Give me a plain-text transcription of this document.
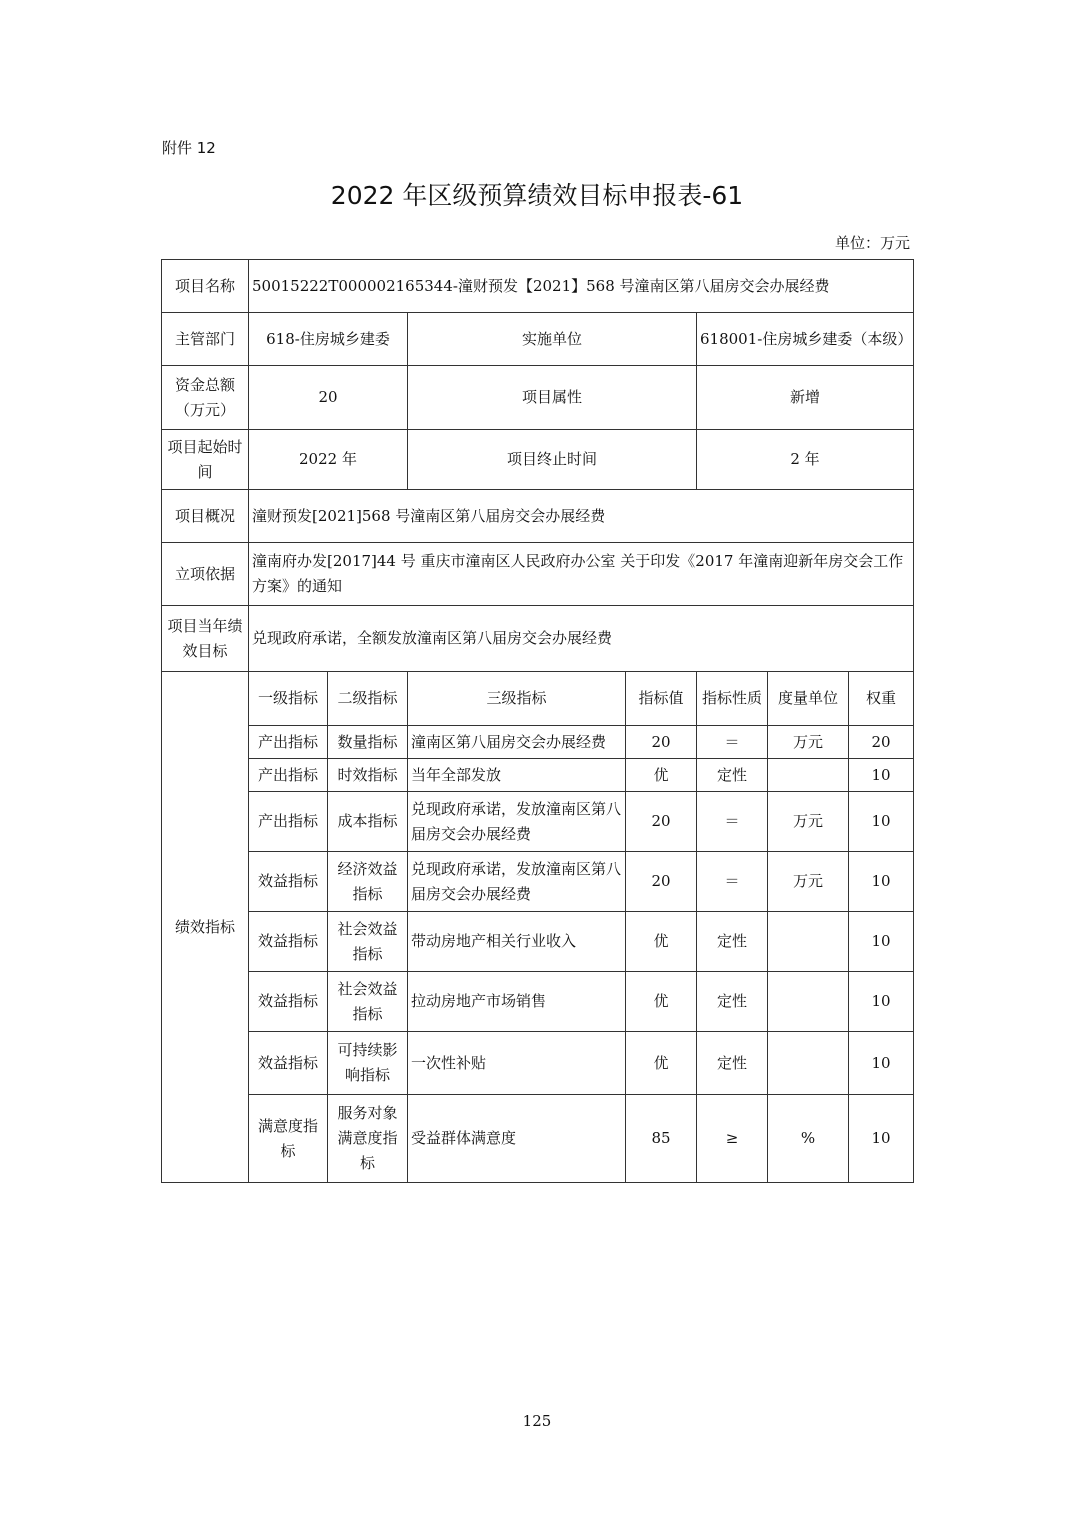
附件 12
2022 年区级预算绩效目标申报表-61
单位：万元
项目名称	50015222T000002165344-潼财预发【2021】568 号潼南区第八届房交会办展经费						
主管部门	618-住房城乡建委		实施单位		618001-住房城乡建委（本级）		
资金总额（万元）	20		项目属性		新增		
项目起始时间	2022 年		项目终止时间		2 年		
项目概况	潼财预发[2021]568 号潼南区第八届房交会办展经费						
立项依据	潼南府办发[2017]44 号 重庆市潼南区人民政府办公室 关于印发《2017 年潼南迎新年房交会工作方案》的通知						
项目当年绩效目标	兑现政府承诺，全额发放潼南区第八届房交会办展经费						
绩效指标	一级指标	二级指标	三级指标	指标值	指标性质	度量单位	权重
	产出指标	数量指标	潼南区第八届房交会办展经费	20	＝	万元	20
	产出指标	时效指标	当年全部发放	优	定性		10
	产出指标	成本指标	兑现政府承诺，发放潼南区第八届房交会办展经费	20	＝	万元	10
	效益指标	经济效益指标	兑现政府承诺，发放潼南区第八届房交会办展经费	20	＝	万元	10
	效益指标	社会效益指标	带动房地产相关行业收入	优	定性		10
	效益指标	社会效益指标	拉动房地产市场销售	优	定性		10
	效益指标	可持续影响指标	一次性补贴	优	定性		10
	满意度指标	服务对象满意度指标	受益群体满意度	85	≥	%	10
125
